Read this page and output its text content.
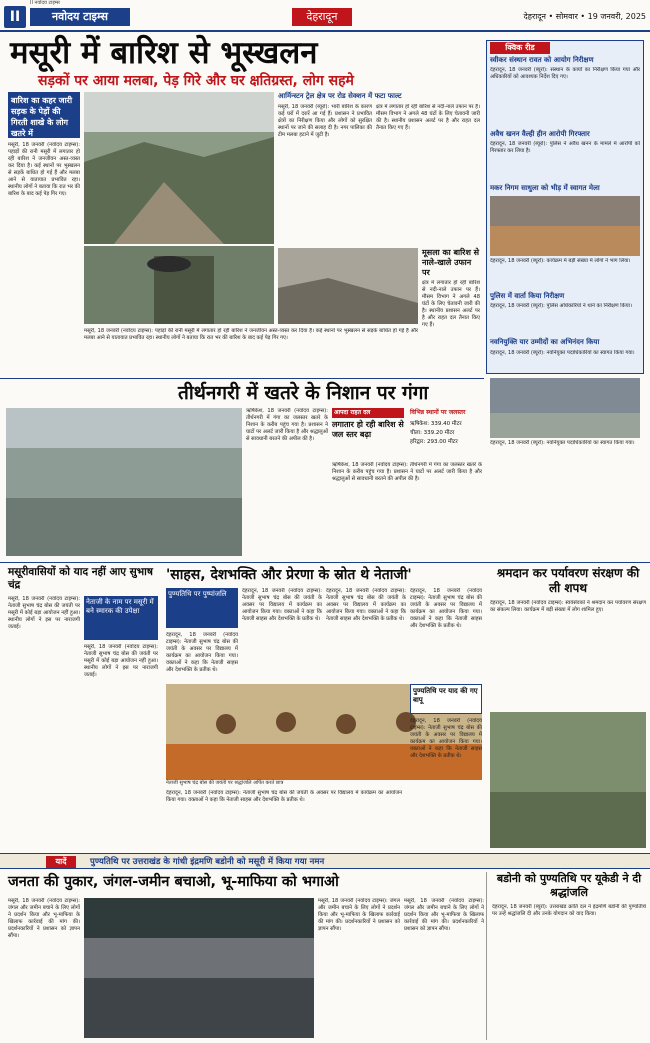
II नवोदय टाइम्स
II	नवोदय टाइम्स	देहरादून	देहरादून • सोमवार • 19 जनवरी, 2025
मसूरी में बारिश से भूस्खलन
सड़कों पर आया मलबा, पेड़ गिरे और घर क्षतिग्रस्त, लोग सहमे
बारिश का कहर जारी सड़क के पेड़ों की गिरती शाखे के लोग खतरे में
मसूरी, 18 जनवरी (नवोदय टाइम्स): पहाड़ों की रानी मसूरी में लगातार हो रही बारिश ने जनजीवन अस्त-व्यस्त कर दिया है। कई स्थानों पर भूस्खलन से सड़कें बाधित हो गई हैं और मलबा आने से यातायात प्रभावित रहा। स्थानीय लोगों ने बताया कि रात भर की बारिश के बाद कई पेड़ गिर गए।
आर्मिन्स्टन ट्रेल क्षेत्र पर रोड सेक्शन में फटा फाल्ट
मसूरी, 18 जनवरी (ब्यूरो): भारी बारिश के कारण कई घरों में दरारें आ गई हैं। प्रशासन ने प्रभावित क्षेत्रों का निरीक्षण किया और लोगों को सुरक्षित स्थानों पर जाने की सलाह दी है। नगर पालिका की टीम मलबा हटाने में जुटी है।
क्षेत्र में लगातार हो रही बारिश से नदी-नाले उफान पर हैं। मौसम विभाग ने अगले 48 घंटों के लिए चेतावनी जारी की है। स्थानीय प्रशासन अलर्ट पर है और राहत दल तैनात किए गए हैं।
मूसला का बारिश से नाले-खाले उफान पर
क्षेत्र में लगातार हो रही बारिश से नदी-नाले उफान पर हैं। मौसम विभाग ने अगले 48 घंटों के लिए चेतावनी जारी की है। स्थानीय प्रशासन अलर्ट पर है और राहत दल तैनात किए गए हैं।
मसूरी, 18 जनवरी (नवोदय टाइम्स): पहाड़ों की रानी मसूरी में लगातार हो रही बारिश ने जनजीवन अस्त-व्यस्त कर दिया है। कई स्थानों पर भूस्खलन से सड़कें बाधित हो गई हैं और मलबा आने से यातायात प्रभावित रहा। स्थानीय लोगों ने बताया कि रात भर की बारिश के बाद कई पेड़ गिर गए।
क्विक रीड
स्वीकर संस्थान रावत को आयोग निरीक्षण
देहरादून, 18 जनवरी (ब्यूरो): संस्थान के कार्यों का निरीक्षण किया गया और अधिकारियों को आवश्यक निर्देश दिए गए।
अवैध खनन वैल्ही हीन आरोपी गिरफ्तार
देहरादून, 18 जनवरी (ब्यूरो): पुलिस ने अवैध खनन के मामले में आरोपी को गिरफ्तार कर लिया है।
मकर निगम साधुला को भीड़ में स्वागत मेला
देहरादून, 18 जनवरी (ब्यूरो): कार्यक्रम में बड़ी संख्या में लोगों ने भाग लिया।
पुलिस में वार्ता किया निरीक्षण
देहरादून, 18 जनवरी (ब्यूरो): पुलिस अधिकारियों ने थाने का निरीक्षण किया।
नवनियुक्ति यार उम्मीदों का अभिनंदन किया
देहरादून, 18 जनवरी (ब्यूरो): नवनियुक्त पदाधिकारियों का स्वागत किया गया।
देहरादून, 18 जनवरी (ब्यूरो): नवनियुक्त पदाधिकारियों का स्वागत किया गया।
तीर्थनगरी में खतरे के निशान पर गंगा
ऋषिकेश, 18 जनवरी (नवोदय टाइम्स): तीर्थनगरी में गंगा का जलस्तर खतरे के निशान के करीब पहुंच गया है। प्रशासन ने घाटों पर अलर्ट जारी किया है और श्रद्धालुओं से सावधानी बरतने की अपील की है।
आपदा राहत दल
लगातार हो रही बारिश से जल स्तर बढ़ा
विभिन्न स्थानों पर जलस्तर
ऋषिकेश: 339.40 मीटर
चीला: 339.20 मीटर
हरिद्वार: 293.00 मीटर
ऋषिकेश, 18 जनवरी (नवोदय टाइम्स): तीर्थनगरी में गंगा का जलस्तर खतरे के निशान के करीब पहुंच गया है। प्रशासन ने घाटों पर अलर्ट जारी किया है और श्रद्धालुओं से सावधानी बरतने की अपील की है।
मसूरीवासियों को याद नहीं आए सुभाष चंद्र
मसूरी, 18 जनवरी (नवोदय टाइम्स): नेताजी सुभाष चंद्र बोस की जयंती पर मसूरी में कोई बड़ा आयोजन नहीं हुआ। स्थानीय लोगों ने इस पर नाराजगी जताई।
नेताजी के नाम पर मसूरी में बने स्मारक की उपेक्षा
मसूरी, 18 जनवरी (नवोदय टाइम्स): नेताजी सुभाष चंद्र बोस की जयंती पर मसूरी में कोई बड़ा आयोजन नहीं हुआ। स्थानीय लोगों ने इस पर नाराजगी जताई।
'साहस, देशभक्ति और प्रेरणा के स्रोत थे नेताजी'
पुण्यतिथि पर पुष्पांजलि
देहरादून, 18 जनवरी (नवोदय टाइम्स): नेताजी सुभाष चंद्र बोस की जयंती के अवसर पर विद्यालय में कार्यक्रम का आयोजन किया गया। वक्ताओं ने कहा कि नेताजी साहस और देशभक्ति के प्रतीक थे।
देहरादून, 18 जनवरी (नवोदय टाइम्स): नेताजी सुभाष चंद्र बोस की जयंती के अवसर पर विद्यालय में कार्यक्रम का आयोजन किया गया। वक्ताओं ने कहा कि नेताजी साहस और देशभक्ति के प्रतीक थे।
देहरादून, 18 जनवरी (नवोदय टाइम्स): नेताजी सुभाष चंद्र बोस की जयंती के अवसर पर विद्यालय में कार्यक्रम का आयोजन किया गया। वक्ताओं ने कहा कि नेताजी साहस और देशभक्ति के प्रतीक थे।
देहरादून, 18 जनवरी (नवोदय टाइम्स): नेताजी सुभाष चंद्र बोस की जयंती के अवसर पर विद्यालय में कार्यक्रम का आयोजन किया गया। वक्ताओं ने कहा कि नेताजी साहस और देशभक्ति के प्रतीक थे।
नेताजी सुभाष चंद्र बोस की जयंती पर श्रद्धांजलि अर्पित करते छात्र
पुण्यतिथि पर याद की गए बापू
देहरादून, 18 जनवरी (नवोदय टाइम्स): नेताजी सुभाष चंद्र बोस की जयंती के अवसर पर विद्यालय में कार्यक्रम का आयोजन किया गया। वक्ताओं ने कहा कि नेताजी साहस और देशभक्ति के प्रतीक थे।
देहरादून, 18 जनवरी (नवोदय टाइम्स): नेताजी सुभाष चंद्र बोस की जयंती के अवसर पर विद्यालय में कार्यक्रम का आयोजन किया गया। वक्ताओं ने कहा कि नेताजी साहस और देशभक्ति के प्रतीक थे।
श्रमदान कर पर्यावरण संरक्षण की ली शपथ
देहरादून, 18 जनवरी (नवोदय टाइम्स): स्वयंसेवकों ने श्रमदान कर पर्यावरण संरक्षण का संकल्प लिया। कार्यक्रम में बड़ी संख्या में लोग शामिल हुए।
यादें	पुण्यतिथि पर उत्तराखंड के गांधी इंद्रमणि बडोनी को मसूरी में किया गया नमन
जनता की पुकार, जंगल-जमीन बचाओ, भू-माफिया को भगाओ
मसूरी, 18 जनवरी (नवोदय टाइम्स): जंगल और जमीन बचाने के लिए लोगों ने प्रदर्शन किया और भू-माफिया के खिलाफ कार्रवाई की मांग की। प्रदर्शनकारियों ने प्रशासन को ज्ञापन सौंपा।
मसूरी, 18 जनवरी (नवोदय टाइम्स): जंगल और जमीन बचाने के लिए लोगों ने प्रदर्शन किया और भू-माफिया के खिलाफ कार्रवाई की मांग की। प्रदर्शनकारियों ने प्रशासन को ज्ञापन सौंपा।
मसूरी, 18 जनवरी (नवोदय टाइम्स): जंगल और जमीन बचाने के लिए लोगों ने प्रदर्शन किया और भू-माफिया के खिलाफ कार्रवाई की मांग की। प्रदर्शनकारियों ने प्रशासन को ज्ञापन सौंपा।
बडोनी को पुण्यतिथि पर यूकेडी ने दी श्रद्धांजलि
देहरादून, 18 जनवरी (ब्यूरो): उत्तराखंड क्रांति दल ने इंद्रमणि बडोनी की पुण्यतिथि पर उन्हें श्रद्धांजलि दी और उनके योगदान को याद किया।
